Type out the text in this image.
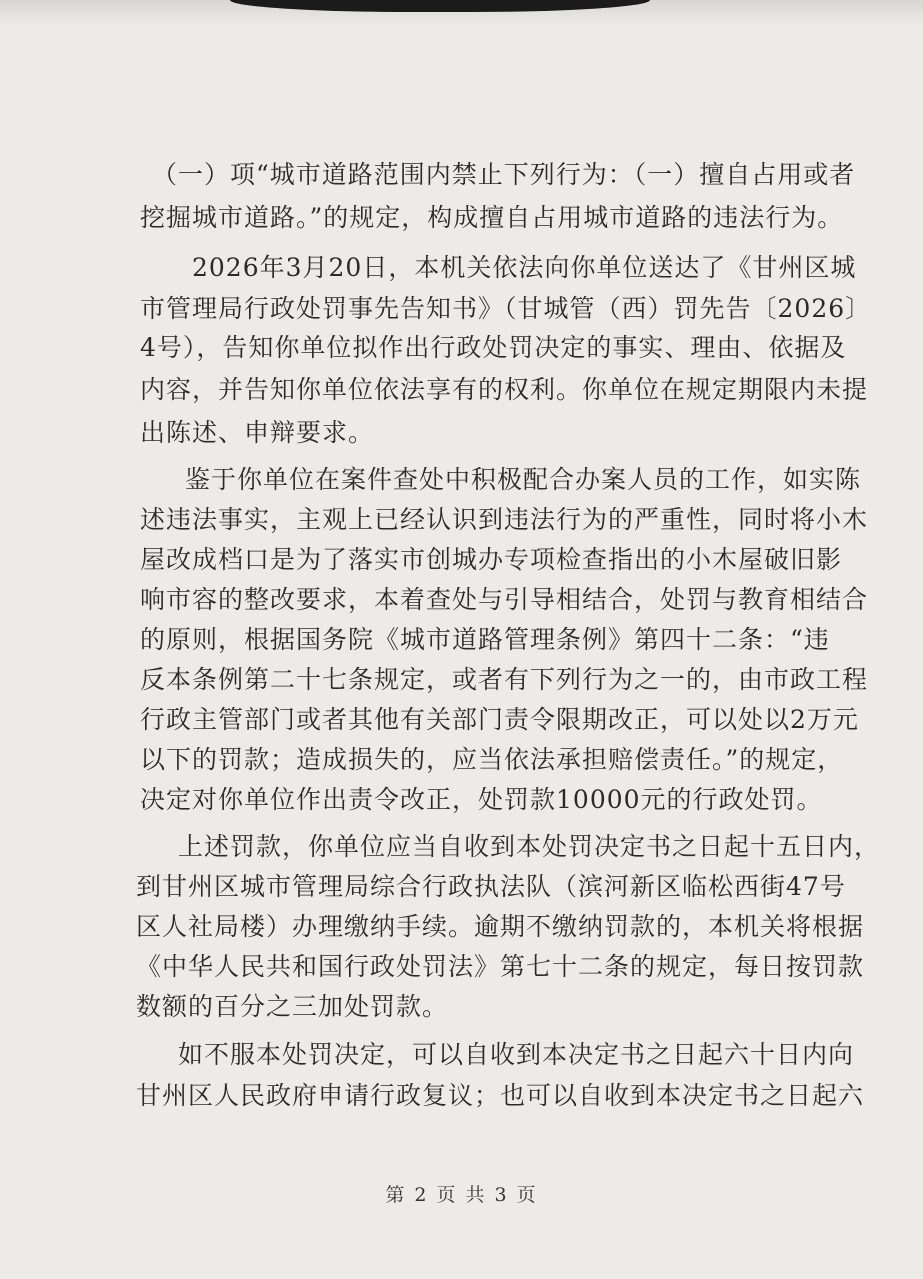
（一）项“城市道路范围内禁止下列行为：（一）擅自占用或者
挖掘城市道路。”的规定，构成擅自占用城市道路的违法行为。
2026年3月20日，本机关依法向你单位送达了《甘州区城
市管理局行政处罚事先告知书》（甘城管（西）罚先告〔2026〕
4号），告知你单位拟作出行政处罚决定的事实、理由、依据及
内容，并告知你单位依法享有的权利。你单位在规定期限内未提
出陈述、申辩要求。
鉴于你单位在案件查处中积极配合办案人员的工作，如实陈
述违法事实，主观上已经认识到违法行为的严重性，同时将小木
屋改成档口是为了落实市创城办专项检查指出的小木屋破旧影
响市容的整改要求，本着查处与引导相结合，处罚与教育相结合
的原则，根据国务院《城市道路管理条例》第四十二条：“违
反本条例第二十七条规定，或者有下列行为之一的，由市政工程
行政主管部门或者其他有关部门责令限期改正，可以处以2万元
以下的罚款；造成损失的，应当依法承担赔偿责任。”的规定，
决定对你单位作出责令改正，处罚款10000元的行政处罚。
上述罚款，你单位应当自收到本处罚决定书之日起十五日内，
到甘州区城市管理局综合行政执法队（滨河新区临松西街47号
区人社局楼）办理缴纳手续。逾期不缴纳罚款的，本机关将根据
《中华人民共和国行政处罚法》第七十二条的规定，每日按罚款
数额的百分之三加处罚款。
如不服本处罚决定，可以自收到本决定书之日起六十日内向
甘州区人民政府申请行政复议；也可以自收到本决定书之日起六
第 2 页 共 3 页
